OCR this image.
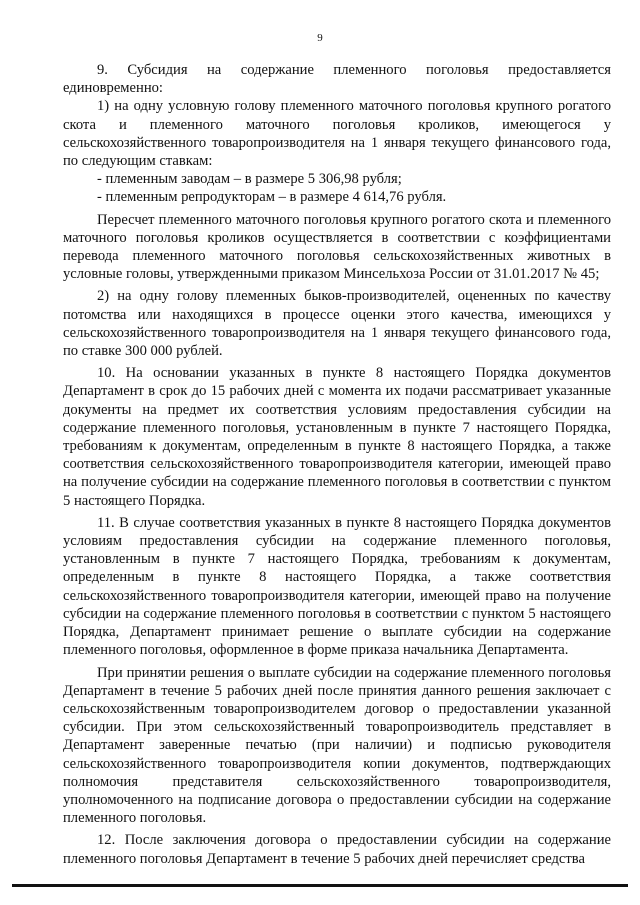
9

9. Субсидия на содержание племенного поголовья предоставляется единовременно:

1) на одну условную голову племенного маточного поголовья крупного рогатого скота и племенного маточного поголовья кроликов, имеющегося у сельскохозяйственного товаропроизводителя на 1 января текущего финансового года, по следующим ставкам:

- племенным заводам – в размере 5 306,98 рубля;

- племенным репродукторам – в размере 4 614,76 рубля.

Пересчет племенного маточного поголовья крупного рогатого скота и племенного маточного поголовья кроликов осуществляется в соответствии с коэффициентами перевода племенного маточного поголовья сельскохозяйственных животных в условные головы, утвержденными приказом Минсельхоза России от 31.01.2017 № 45;

2) на одну голову племенных быков-производителей, оцененных по качеству потомства или находящихся в процессе оценки этого качества, имеющихся у сельскохозяйственного товаропроизводителя на 1 января текущего финансового года, по ставке 300 000 рублей.

10. На основании указанных в пункте 8 настоящего Порядка документов Департамент в срок до 15 рабочих дней с момента их подачи рассматривает указанные документы на предмет их соответствия условиям предоставления субсидии на содержание племенного поголовья, установленным в пункте 7 настоящего Порядка, требованиям к документам, определенным в пункте 8 настоящего Порядка, а также соответствия сельскохозяйственного товаропроизводителя категории, имеющей право на получение субсидии на содержание племенного поголовья в соответствии с пунктом 5 настоящего Порядка.

11. В случае соответствия указанных в пункте 8 настоящего Порядка документов условиям предоставления субсидии на содержание племенного поголовья, установленным в пункте 7 настоящего Порядка, требованиям к документам, определенным в пункте 8 настоящего Порядка, а также соответствия сельскохозяйственного товаропроизводителя категории, имеющей право на получение субсидии на содержание племенного поголовья в соответствии с пунктом 5 настоящего Порядка, Департамент принимает решение о выплате субсидии на содержание племенного поголовья, оформленное в форме приказа начальника Департамента.

При принятии решения о выплате субсидии на содержание племенного поголовья Департамент в течение 5 рабочих дней после принятия данного решения заключает с сельскохозяйственным товаропроизводителем договор о предоставлении указанной субсидии. При этом сельскохозяйственный товаропроизводитель представляет в Департамент заверенные печатью (при наличии) и подписью руководителя сельскохозяйственного товаропроизводителя копии документов, подтверждающих полномочия представителя сельскохозяйственного товаропроизводителя, уполномоченного на подписание договора о предоставлении субсидии на содержание племенного поголовья.

12. После заключения договора о предоставлении субсидии на содержание племенного поголовья Департамент в течение 5 рабочих дней перечисляет средства
